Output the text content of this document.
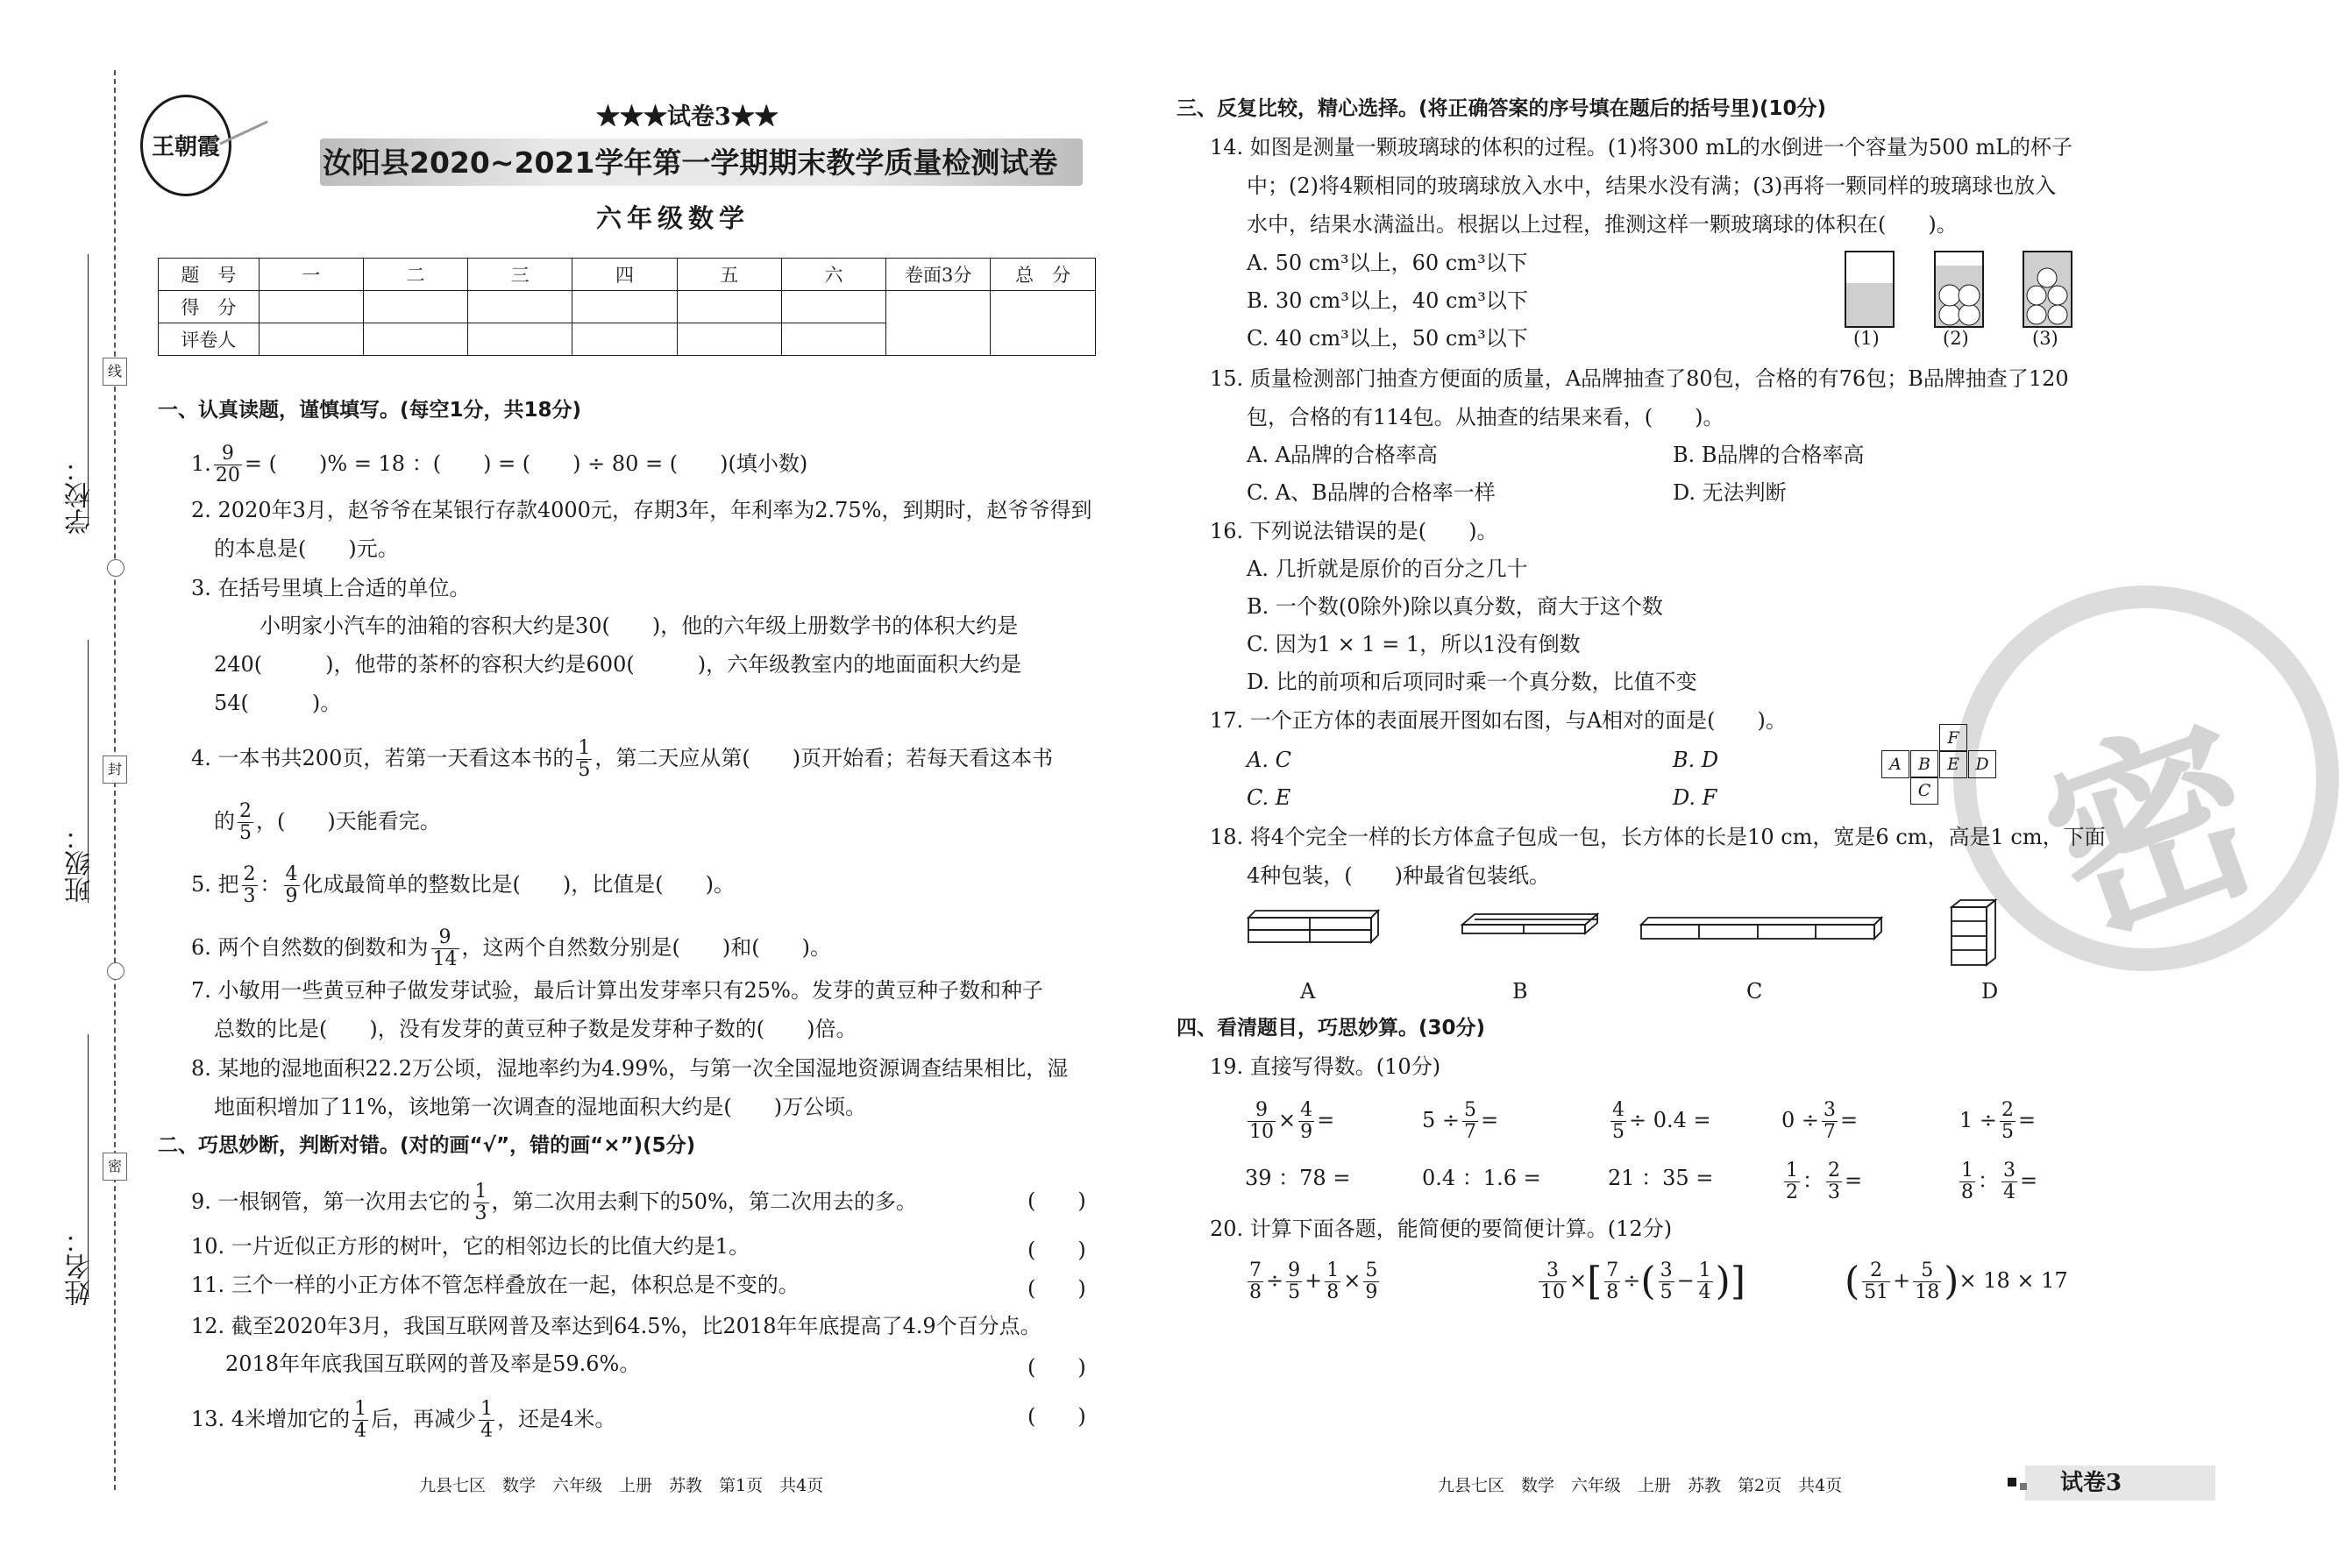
线
封
密
学校：
班级：
姓名：
王朝霞
★★★试卷3★★
汝阳县2020~2021学年第一学期期末教学质量检测试卷
六年级数学
题　号	一	二	三	四	五	六	卷面3分	总　分
得　分								
评卷人								
一、认真读题，谨慎填写。(每空1分，共18分)
1. $\frac{9}{20}$ = (　　)% = 18 ：(　　) = (　　) ÷ 80 = (　　)(填小数)
2. 2020年3月，赵爷爷在某银行存款4000元，存期3年，年利率为2.75%，到期时，赵爷爷得到
的本息是(　　)元。
3. 在括号里填上合适的单位。
小明家小汽车的油箱的容积大约是30(　　)，他的六年级上册数学书的体积大约是
240(　　　)，他带的茶杯的容积大约是600(　　　)，六年级教室内的地面面积大约是
54(　　　)。
4. 一本书共200页，若第一天看这本书的 $\frac{1}{5}$ ，第二天应从第(　　)页开始看；若每天看这本书
的 $\frac{2}{5}$ ，(　　)天能看完。
5. 把 $\frac{2}{3}$ ： $\frac{4}{9}$ 化成最简单的整数比是(　　)，比值是(　　)。
6. 两个自然数的倒数和为 $\frac{9}{14}$ ，这两个自然数分别是(　　)和(　　)。
7. 小敏用一些黄豆种子做发芽试验，最后计算出发芽率只有25%。发芽的黄豆种子数和种子
总数的比是(　　)，没有发芽的黄豆种子数是发芽种子数的(　　)倍。
8. 某地的湿地面积22.2万公顷，湿地率约为4.99%，与第一次全国湿地资源调查结果相比，湿
地面积增加了11%，该地第一次调查的湿地面积大约是(　　)万公顷。
二、巧思妙断，判断对错。(对的画“√”，错的画“×”)(5分)
9. 一根钢管，第一次用去它的 $\frac{1}{3}$ ，第二次用去剩下的50%，第二次用去的多。	(　　)
10. 一片近似正方形的树叶，它的相邻边长的比值大约是1。	(　　)
11. 三个一样的小正方体不管怎样叠放在一起，体积总是不变的。	(　　)
12. 截至2020年3月，我国互联网普及率达到64.5%，比2018年年底提高了4.9个百分点。
2018年年底我国互联网的普及率是59.6%。	(　　)
13. 4米增加它的 $\frac{1}{4}$ 后，再减少 $\frac{1}{4}$ ，还是4米。	(　　)
九县七区　数学　六年级　上册　苏教　第1页　共4页
密
三、反复比较，精心选择。(将正确答案的序号填在题后的括号里)(10分)
14. 如图是测量一颗玻璃球的体积的过程。(1)将300 mL的水倒进一个容量为500 mL的杯子
中；(2)将4颗相同的玻璃球放入水中，结果水没有满；(3)再将一颗同样的玻璃球也放入
水中，结果水满溢出。根据以上过程，推测这样一颗玻璃球的体积在(　　)。
A. 50 cm³以上，60 cm³以下
B. 30 cm³以上，40 cm³以下
C. 40 cm³以上，50 cm³以下	(1)	(2)	(3)
15. 质量检测部门抽查方便面的质量，A品牌抽查了80包，合格的有76包；B品牌抽查了120
包，合格的有114包。从抽查的结果来看，(　　)。
A. A品牌的合格率高	B. B品牌的合格率高
C. A、B品牌的合格率一样	D. 无法判断
16. 下列说法错误的是(　　)。
A. 几折就是原价的百分之几十
B. 一个数(0除外)除以真分数，商大于这个数
C. 因为1 × 1 = 1，所以1没有倒数
D. 比的前项和后项同时乘一个真分数，比值不变
17. 一个正方体的表面展开图如右图，与A相对的面是(　　)。
A. C	B. D
C. E	D. F
F
A	B	E D
C
18. 将4个完全一样的长方体盒子包成一包，长方体的长是10 cm，宽是6 cm，高是1 cm，下面
4种包装，(　　)种最省包装纸。
A	B	C	D
四、看清题目，巧思妙算。(30分)
19. 直接写得数。(10分)
$\frac{9}{10} \times \frac{4}{9}$ =	$5 \div \frac{5}{7}$ =	$\frac{4}{5} \div 0.4$ =	$0 \div \frac{3}{7}$ =	$1 \div \frac{2}{5}$ =
39 ：78 =	0.4 ：1.6 =	21 ：35 =	$\frac{1}{2}$ ： $\frac{2}{3}$ =	$\frac{1}{8}$ ： $\frac{3}{4}$ =
20. 计算下面各题，能简便的要简便计算。(12分)
$\frac{7}{8} \div \frac{9}{5} + \frac{1}{8} \times \frac{5}{9}$	$\frac{3}{10}$ ×[ $\frac{7}{8}$ ÷( $\frac{3}{5} - \frac{1}{4}$ )]	( $\frac{2}{51} + \frac{5}{18}$ )× 18 × 17
九县七区　数学　六年级　上册　苏教　第2页　共4页	试卷3
